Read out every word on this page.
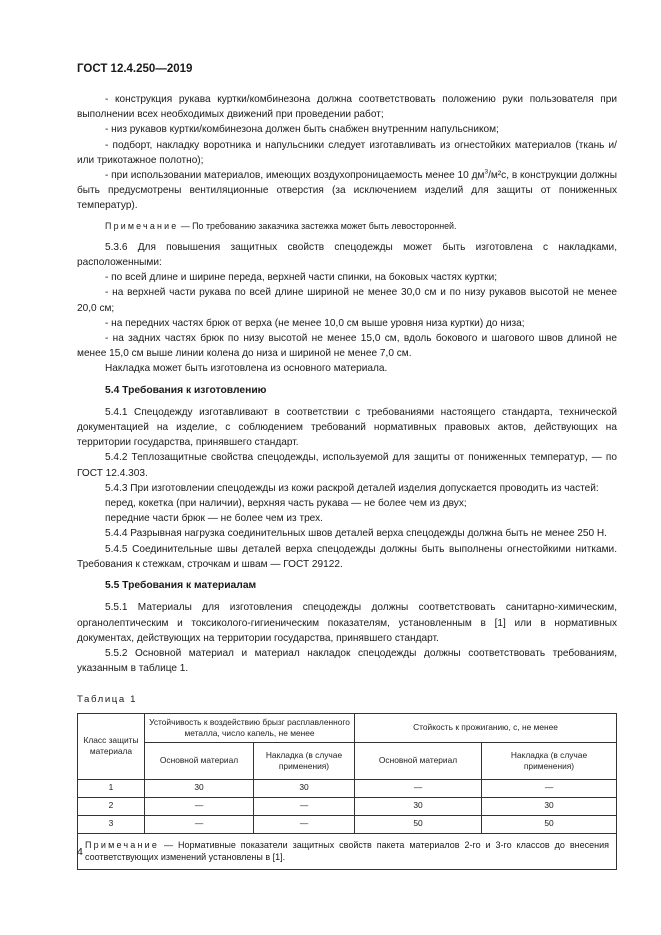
ГОСТ 12.4.250—2019

- конструкция рукава куртки/комбинезона должна соответствовать положению руки пользователя при выполнении всех необходимых движений при проведении работ;

- низ рукавов куртки/комбинезона должен быть снабжен внутренним напульсником;

- подборт, накладку воротника и напульсники следует изготавливать из огнестойких материалов (ткань и/или трикотажное полотно);

- при использовании материалов, имеющих воздухопроницаемость менее 10 $дм^3$/м²с, в конструкции должны быть предусмотрены вентиляционные отверстия (за исключением изделий для защиты от пониженных температур).

Примечание — По требованию заказчика застежка может быть левосторонней.

5.3.6 Для повышения защитных свойств спецодежды может быть изготовлена с накладками, расположенными:

- по всей длине и ширине переда, верхней части спинки, на боковых частях куртки;

- на верхней части рукава по всей длине шириной не менее 30,0 см и по низу рукавов высотой не менее 20,0 см;

- на передних частях брюк от верха (не менее 10,0 см выше уровня низа куртки) до низа;

- на задних частях брюк по низу высотой не менее 15,0 см, вдоль бокового и шагового швов длиной не менее 15,0 см выше линии колена до низа и шириной не менее 7,0 см.

Накладка может быть изготовлена из основного материала.

5.4 Требования к изготовлению

5.4.1 Спецодежду изготавливают в соответствии с требованиями настоящего стандарта, технической документацией на изделие, с соблюдением требований нормативных правовых актов, действующих на территории государства, принявшего стандарт.

5.4.2 Теплозащитные свойства спецодежды, используемой для защиты от пониженных температур, — по ГОСТ 12.4.303.

5.4.3 При изготовлении спецодежды из кожи раскрой деталей изделия допускается проводить из частей:

перед, кокетка (при наличии), верхняя часть рукава — не более чем из двух;

передние части брюк — не более чем из трех.

5.4.4 Разрывная нагрузка соединительных швов деталей верха спецодежды должна быть не менее 250 Н.

5.4.5 Соединительные швы деталей верха спецодежды должны быть выполнены огнестойкими нитками. Требования к стежкам, строчкам и швам — ГОСТ 29122.

5.5 Требования к материалам

5.5.1 Материалы для изготовления спецодежды должны соответствовать санитарно-химическим, органолептическим и токсиколого-гигиеническим показателям, установленным в [1] или в нормативных документах, действующих на территории государства, принявшего стандарт.

5.5.2 Основной материал и материал накладок спецодежды должны соответствовать требованиям, указанным в таблице 1.

Таблица 1

Класс защиты материала	Устойчивость к воздействию брызг расплавленного металла, число капель, не менее		Стойкость к прожиганию, с, не менее	
	Основной материал	Накладка (в случае применения)	Основной материал	Накладка (в случае применения)
1	30	30	—	—
2	—	—	30	30
3	—	—	50	50
Примечание — Нормативные показатели защитных свойств пакета материалов 2-го и 3-го классов до внесения соответствующих изменений установлены в [1].				
4
